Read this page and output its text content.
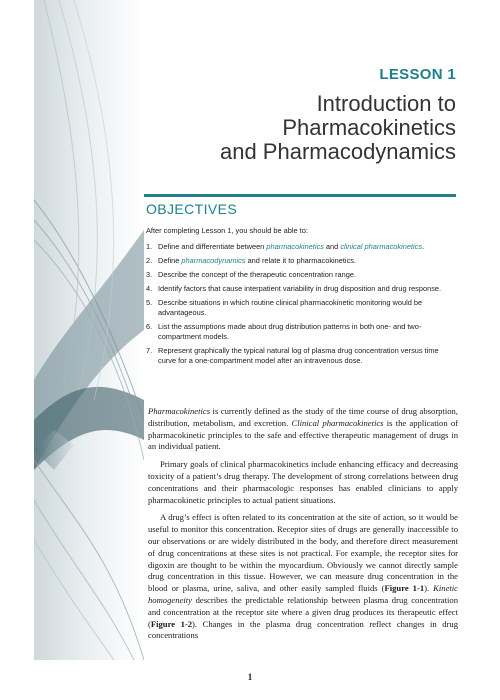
LESSON 1
Introduction to
Pharmacokinetics
and Pharmacodynamics
OBJECTIVES
After completing Lesson 1, you should be able to:
1. Define and differentiate between pharmacokinetics and clinical pharmacokinetics.
2. Define pharmacodynamics and relate it to pharmacokinetics.
3. Describe the concept of the therapeutic concentration range.
4. Identify factors that cause interpatient variability in drug disposition and drug response.
5. Describe situations in which routine clinical pharmacokinetic monitoring would be advantageous.
6. List the assumptions made about drug distribution patterns in both one- and two-compartment models.
7. Represent graphically the typical natural log of plasma drug concentration versus time curve for a one-compartment model after an intravenous dose.

Pharmacokinetics is currently defined as the study of the time course of drug absorption, distribution, metabolism, and excretion. Clinical pharmacokinetics is the application of pharmacokinetic principles to the safe and effective therapeutic management of drugs in an individual patient.

Primary goals of clinical pharmacokinetics include enhancing efficacy and decreasing toxicity of a patient’s drug therapy. The development of strong correlations between drug concentrations and their pharmacologic responses has enabled clinicians to apply pharmacokinetic principles to actual patient situations.

A drug’s effect is often related to its concentration at the site of action, so it would be useful to monitor this concentration. Receptor sites of drugs are generally inaccessible to our observations or are widely distributed in the body, and therefore direct measurement of drug concentrations at these sites is not practical. For example, the receptor sites for digoxin are thought to be within the myocardium. Obviously we cannot directly sample drug concentration in this tissue. However, we can measure drug concentration in the blood or plasma, urine, saliva, and other easily sampled fluids (Figure 1-1). Kinetic homogeneity describes the predictable relationship between plasma drug concentration and concentration at the receptor site where a given drug produces its therapeutic effect (Figure 1-2). Changes in the plasma drug concentration reflect changes in drug concentrations

1
